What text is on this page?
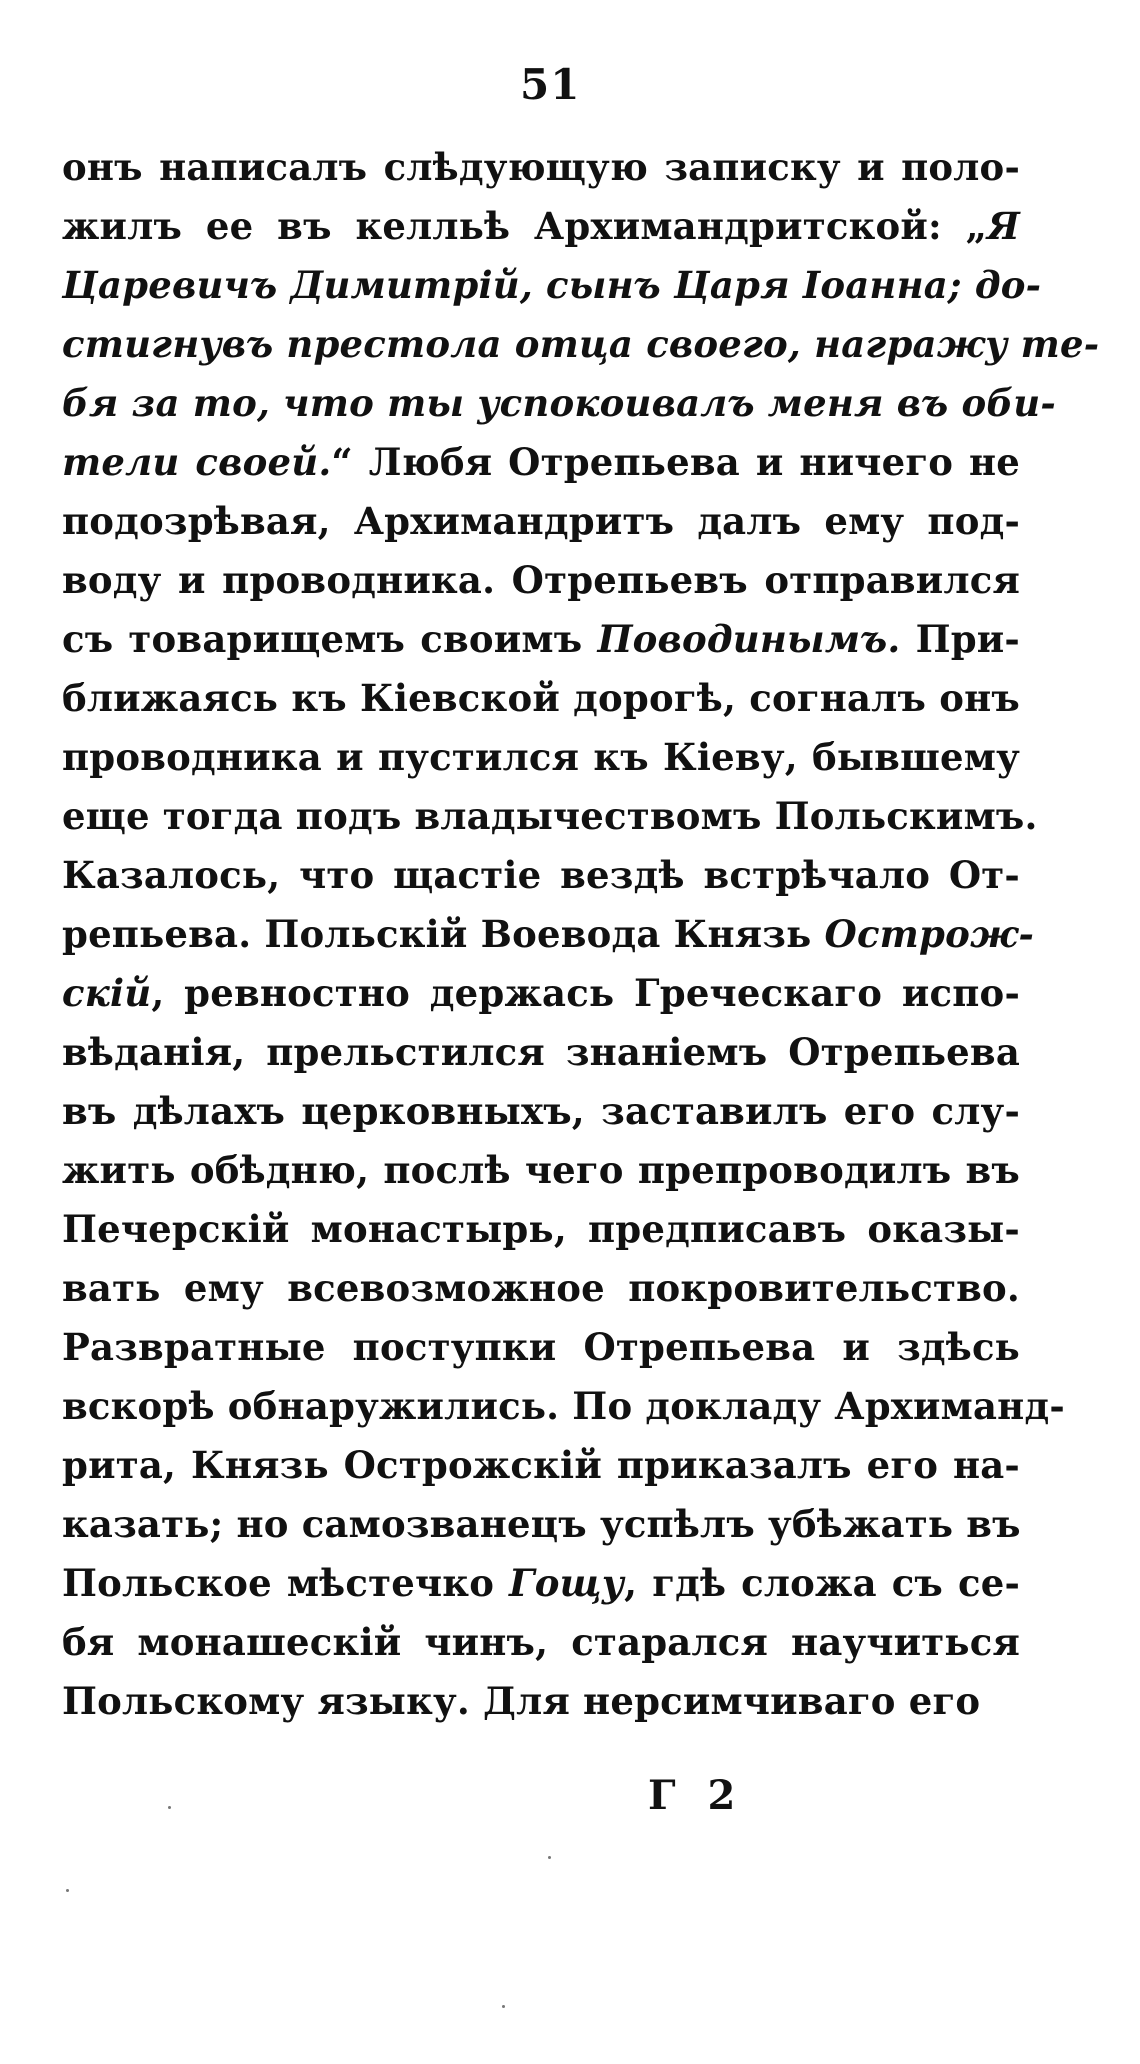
51
онъ написалъ слѣдующую записку и поло-
жилъ ее въ келльѣ Архимандритской: „Я
Царевичъ Димитрій, сынъ Царя Іоанна; до-
стигнувъ престола отца своего, награжу те-
бя за то, что ты успокоивалъ меня въ оби-
тели своей.“ Любя Отрепьева и ничего не
подозрѣвая, Архимандритъ далъ ему под-
воду и проводника. Отрепьевъ отправился
съ товарищемъ своимъ Поводинымъ. При-
ближаясь къ Кіевской дорогѣ, согналъ онъ
проводника и пустился къ Кіеву, бывшему
еще тогда подъ владычествомъ Польскимъ.
Казалось, что щастіе вездѣ встрѣчало От-
репьева. Польскій Воевода Князь Острож-
скій, ревностно держась Греческаго испо-
вѣданія, прельстился знаніемъ Отрепьева
въ дѣлахъ церковныхъ, заставилъ его слу-
жить обѣдню, послѣ чего препроводилъ въ
Печерскій монастырь, предписавъ оказы-
вать ему всевозможное покровительство.
Развратные поступки Отрепьева и здѣсь
вскорѣ обнаружились. По докладу Архиманд-
рита, Князь Острожскій приказалъ его на-
казать; но самозванецъ успѣлъ убѣжать въ
Польское мѣстечко Гощу, гдѣ сложа съ се-
бя монашескій чинъ, старался научиться
Польскому языку. Для нерсимчиваго его
Г 2
